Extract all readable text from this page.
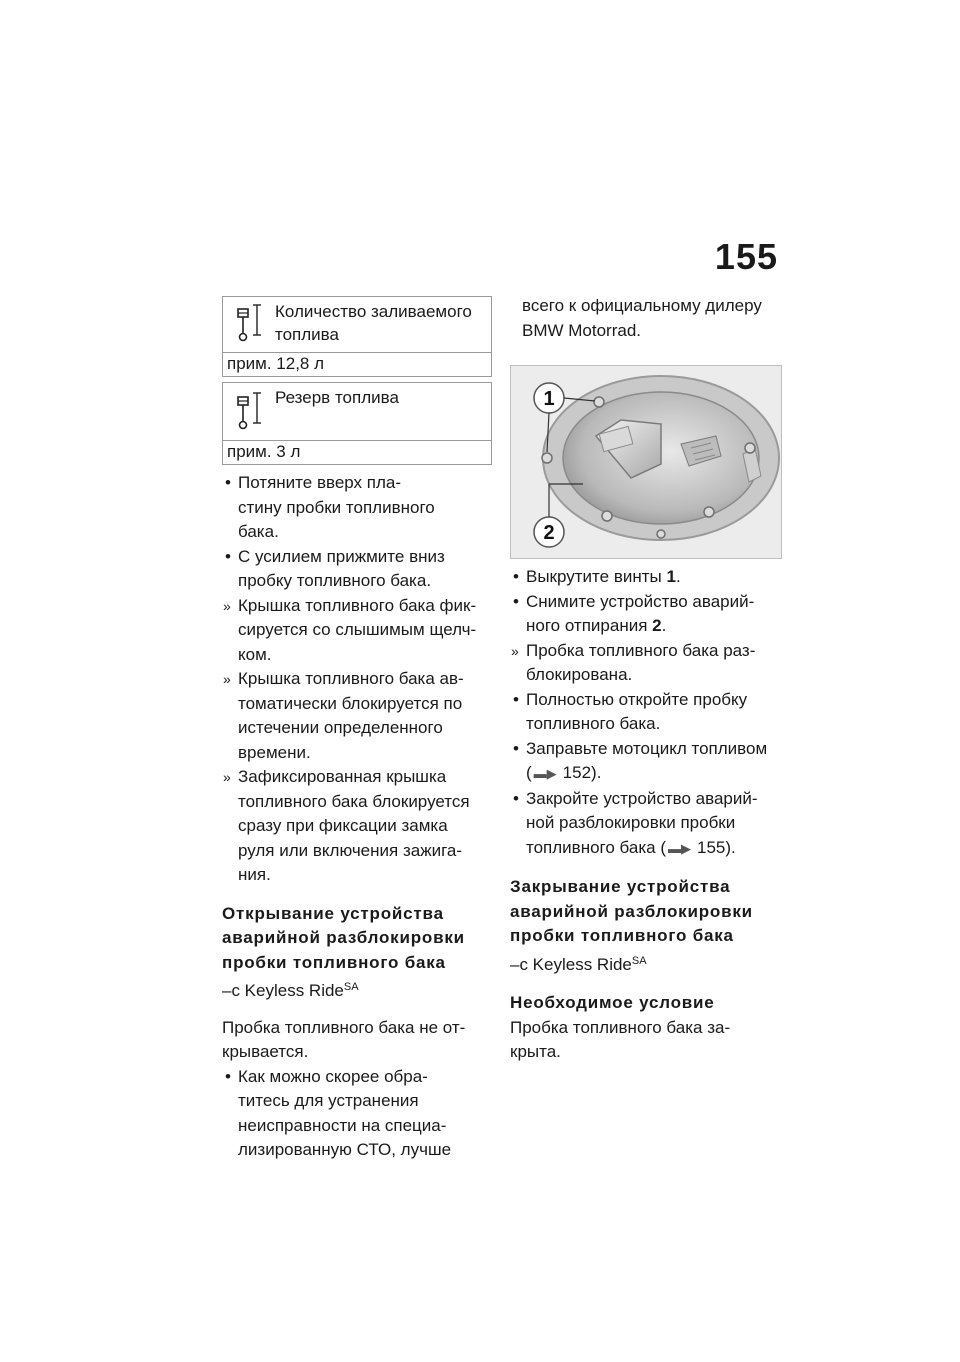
155
Количество заливаемого
топлива
прим. 12,8 л
Резерв топлива
прим. 3 л
• Потяните вверх пла-
стину пробки топливного
бака.
• С усилием прижмите вниз
пробку топливного бака.
» Крышка топливного бака фик-
сируется со слышимым щелч-
ком.
» Крышка топливного бака ав-
томатически блокируется по
истечении определенного
времени.
» Зафиксированная крышка
топливного бака блокируется
сразу при фиксации замка
руля или включения зажига-
ния.
Открывание устройства
аварийной разблокировки
пробки топливного бака
–с Keyless Ride$^{SA}$
Пробка топливного бака не от-
крывается.
• Как можно скорее обра-
титесь для устранения
неисправности на специа-
лизированную СТО, лучше
всего к официальному дилеру
BMW Motorrad.
1
2
• Выкрутите винты 1.
• Снимите устройство аварий-
ного отпирания 2.
» Пробка топливного бака раз-
блокирована.
• Полностью откройте пробку
топливного бака.
• Заправьте мотоцикл топливом
( ▬▶ 152).
• Закройте устройство аварий-
ной разблокировки пробки
топливного бака ( ▬▶ 155).
Закрывание устройства
аварийной разблокировки
пробки топливного бака
–с Keyless Ride$^{SA}$
Необходимое условие
Пробка топливного бака за-
крыта.
